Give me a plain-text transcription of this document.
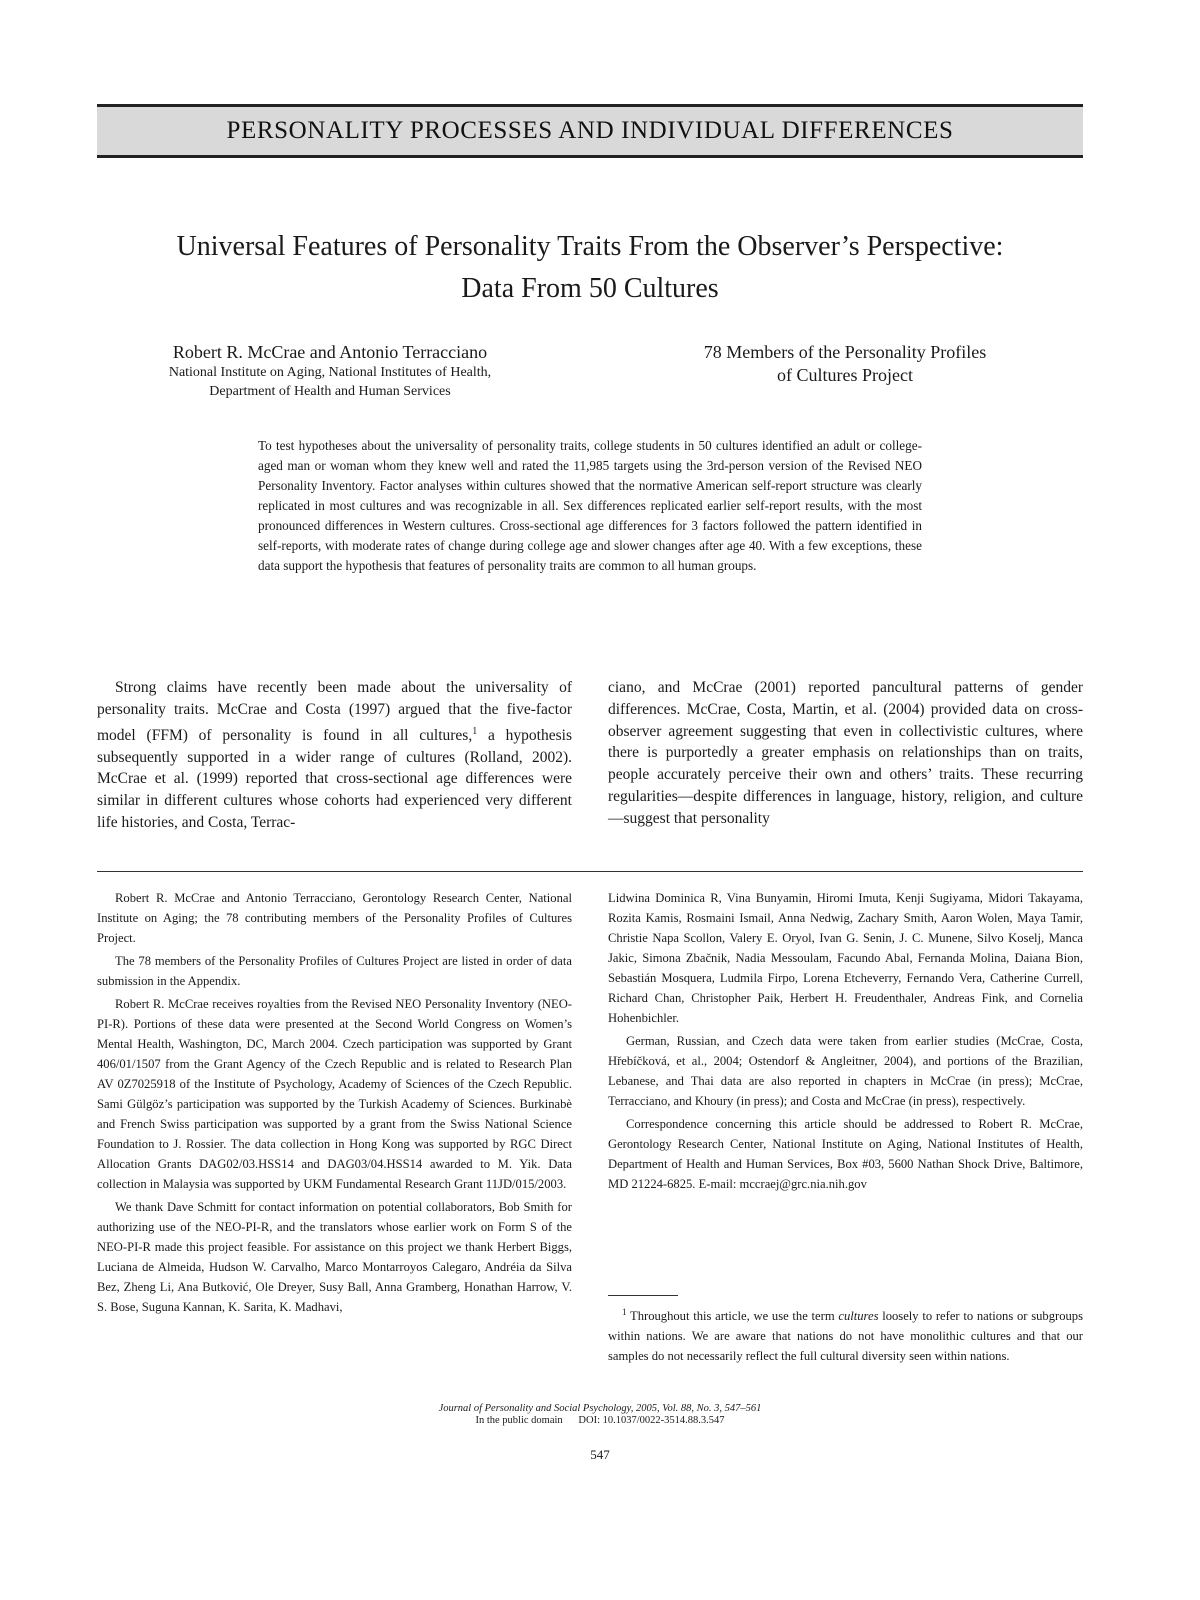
PERSONALITY PROCESSES AND INDIVIDUAL DIFFERENCES
Universal Features of Personality Traits From the Observer’s Perspective:
Data From 50 Cultures
Robert R. McCrae and Antonio Terracciano
National Institute on Aging, National Institutes of Health,
Department of Health and Human Services
78 Members of the Personality Profiles
of Cultures Project

To test hypotheses about the universality of personality traits, college students in 50 cultures identified an adult or college-aged man or woman whom they knew well and rated the 11,985 targets using the 3rd-person version of the Revised NEO Personality Inventory. Factor analyses within cultures showed that the normative American self-report structure was clearly replicated in most cultures and was recognizable in all. Sex differences replicated earlier self-report results, with the most pronounced differences in Western cultures. Cross-sectional age differences for 3 factors followed the pattern identified in self-reports, with moderate rates of change during college age and slower changes after age 40. With a few exceptions, these data support the hypothesis that features of personality traits are common to all human groups.

Strong claims have recently been made about the universality of personality traits. McCrae and Costa (1997) argued that the five-factor model (FFM) of personality is found in all cultures,$^1$ a hypothesis subsequently supported in a wider range of cultures (Rolland, 2002). McCrae et al. (1999) reported that cross-sectional age differences were similar in different cultures whose cohorts had experienced very different life histories, and Costa, Terrac-

ciano, and McCrae (2001) reported pancultural patterns of gender differences. McCrae, Costa, Martin, et al. (2004) provided data on cross-observer agreement suggesting that even in collectivistic cultures, where there is purportedly a greater emphasis on relationships than on traits, people accurately perceive their own and others’ traits. These recurring regularities—despite differences in language, history, religion, and culture—suggest that personality

Robert R. McCrae and Antonio Terracciano, Gerontology Research Center, National Institute on Aging; the 78 contributing members of the Personality Profiles of Cultures Project.

The 78 members of the Personality Profiles of Cultures Project are listed in order of data submission in the Appendix.

Robert R. McCrae receives royalties from the Revised NEO Personality Inventory (NEO-PI-R). Portions of these data were presented at the Second World Congress on Women’s Mental Health, Washington, DC, March 2004. Czech participation was supported by Grant 406/01/1507 from the Grant Agency of the Czech Republic and is related to Research Plan AV 0Z7025918 of the Institute of Psychology, Academy of Sciences of the Czech Republic. Sami Gülgöz’s participation was supported by the Turkish Academy of Sciences. Burkinabè and French Swiss participation was supported by a grant from the Swiss National Science Foundation to J. Rossier. The data collection in Hong Kong was supported by RGC Direct Allocation Grants DAG02/03.HSS14 and DAG03/04.HSS14 awarded to M. Yik. Data collection in Malaysia was supported by UKM Fundamental Research Grant 11JD/015/2003.

We thank Dave Schmitt for contact information on potential collaborators, Bob Smith for authorizing use of the NEO-PI-R, and the translators whose earlier work on Form S of the NEO-PI-R made this project feasible. For assistance on this project we thank Herbert Biggs, Luciana de Almeida, Hudson W. Carvalho, Marco Montarroyos Calegaro, Andréia da Silva Bez, Zheng Li, Ana Butković, Ole Dreyer, Susy Ball, Anna Gramberg, Honathan Harrow, V. S. Bose, Suguna Kannan, K. Sarita, K. Madhavi,

Lidwina Dominica R, Vina Bunyamin, Hiromi Imuta, Kenji Sugiyama, Midori Takayama, Rozita Kamis, Rosmaini Ismail, Anna Nedwig, Zachary Smith, Aaron Wolen, Maya Tamir, Christie Napa Scollon, Valery E. Oryol, Ivan G. Senin, J. C. Munene, Silvo Koselj, Manca Jakic, Simona Zbačnik, Nadia Messoulam, Facundo Abal, Fernanda Molina, Daiana Bion, Sebastián Mosquera, Ludmila Firpo, Lorena Etcheverry, Fernando Vera, Catherine Currell, Richard Chan, Christopher Paik, Herbert H. Freudenthaler, Andreas Fink, and Cornelia Hohenbichler.

German, Russian, and Czech data were taken from earlier studies (McCrae, Costa, Hřebíčková, et al., 2004; Ostendorf & Angleitner, 2004), and portions of the Brazilian, Lebanese, and Thai data are also reported in chapters in McCrae (in press); McCrae, Terracciano, and Khoury (in press); and Costa and McCrae (in press), respectively.

Correspondence concerning this article should be addressed to Robert R. McCrae, Gerontology Research Center, National Institute on Aging, National Institutes of Health, Department of Health and Human Services, Box #03, 5600 Nathan Shock Drive, Baltimore, MD 21224-6825. E-mail: mccraej@grc.nia.nih.gov

$^1$ Throughout this article, we use the term cultures loosely to refer to nations or subgroups within nations. We are aware that nations do not have monolithic cultures and that our samples do not necessarily reflect the full cultural diversity seen within nations.

Journal of Personality and Social Psychology, 2005, Vol. 88, No. 3, 547–561
In the public domain DOI: 10.1037/0022-3514.88.3.547
547
